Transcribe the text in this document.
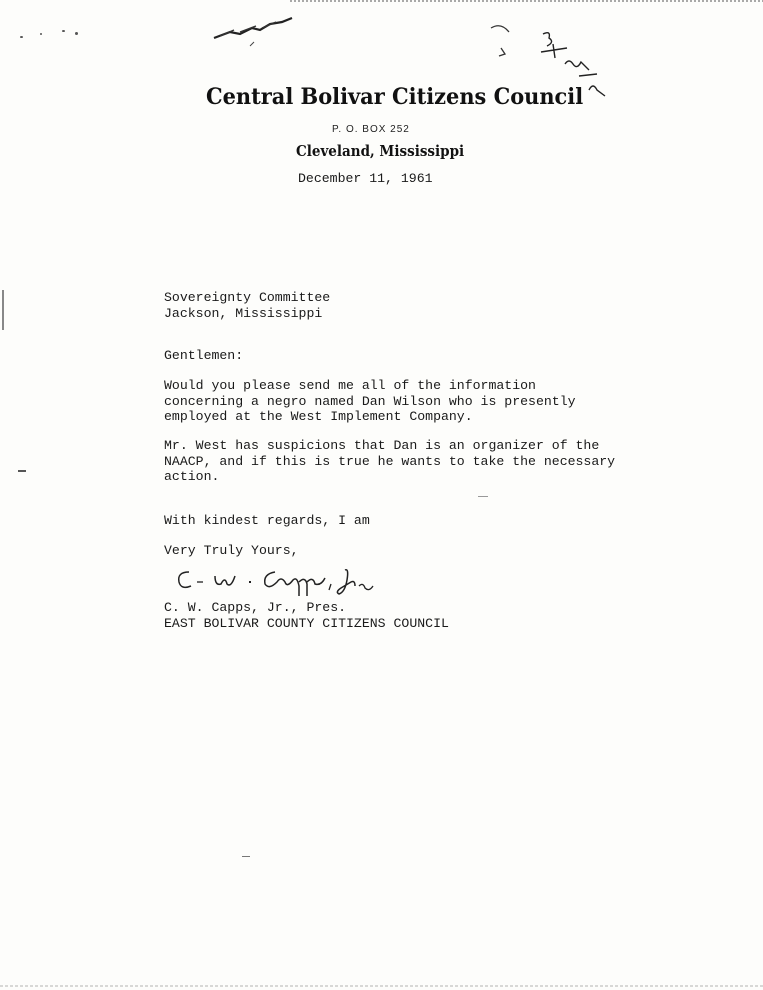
Central Bolivar Citizens Council
P. O. BOX 252
Cleveland, Mississippi
December 11, 1961
Sovereignty Committee
Jackson, Mississippi
Gentlemen:
Would you please send me all of the information
concerning a negro named Dan Wilson who is presently
employed at the West Implement Company.
Mr. West has suspicions that Dan is an organizer of the
NAACP, and if this is true he wants to take the necessary
action.
With kindest regards, I am
Very Truly Yours,
C. W. Capps, Jr., Pres.
EAST BOLIVAR COUNTY CITIZENS COUNCIL
